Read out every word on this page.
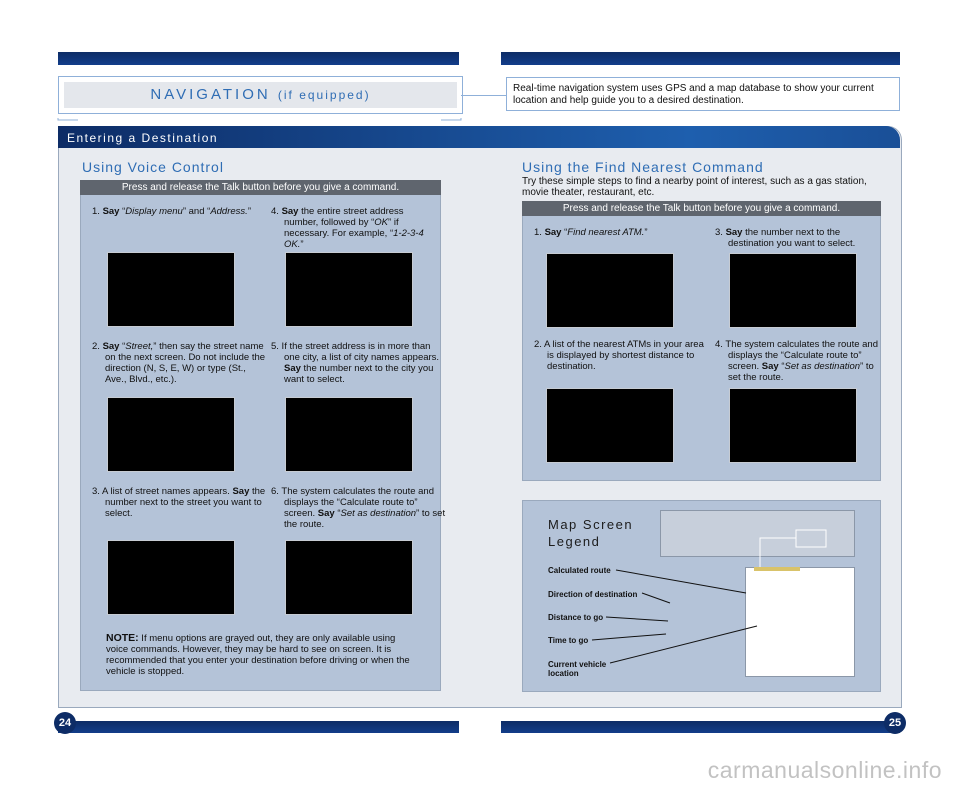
NAVIGATION (if equipped)	Real-time navigation system uses GPS and a map database to show your current location and help guide you to a desired destination.
Entering a Destination
Using Voice Control
Press and release the Talk button before you give a command.
1. Say “Display menu” and “Address.”	4. Say the entire street address number, followed by “OK” if necessary. For example, “1-2-3-4 OK.”
2. Say “Street,” then say the street name on the next screen. Do not include the direction (N, S, E, W) or type (St., Ave., Blvd., etc.).
5. If the street address is in more than one city, a list of city names appears. Say the number next to the city you want to select.
3. A list of street names appears. Say the number next to the street you want to select.
6. The system calculates the route and displays the “Calculate route to” screen. Say “Set as destination” to set the route.
NOTE: If menu options are grayed out, they are only available using voice commands. However, they may be hard to see on screen. It is recommended that you enter your destination before driving or when the vehicle is stopped.
Using the Find Nearest Command
Try these simple steps to find a nearby point of interest, such as a gas station, movie theater, restaurant, etc.
Press and release the Talk button before you give a command.
1. Say “Find nearest ATM.”	3. Say the number next to the destination you want to select.
2. A list of the nearest ATMs in your area is displayed by shortest distance to destination.
4. The system calculates the route and displays the “Calculate route to” screen. Say “Set as destination” to set the route.
Map Screen
Legend
Calculated route
Direction of destination
Distance to go
Time to go
Current vehicle location
24	25
carmanualsonline.info
